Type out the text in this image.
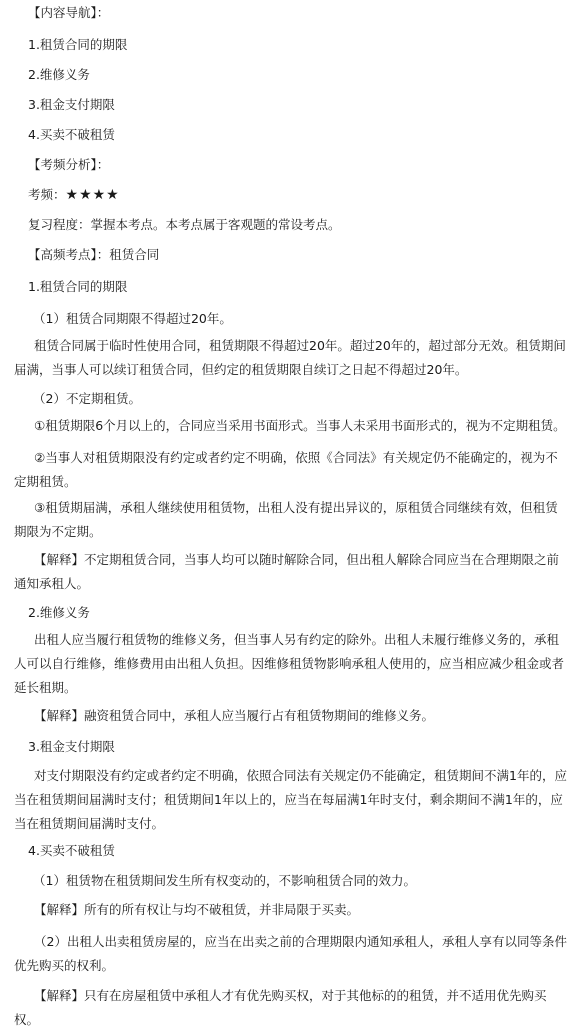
【内容导航】：
1.租赁合同的期限
2.维修义务
3.租金支付期限
4.买卖不破租赁
【考频分析】：
考频：★★★★
复习程度：掌握本考点。本考点属于客观题的常设考点。
【高频考点】：租赁合同
1.租赁合同的期限
（1）租赁合同期限不得超过20年。
租赁合同属于临时性使用合同，租赁期限不得超过20年。超过20年的，超过部分无效。租赁期间届满，当事人可以续订租赁合同，但约定的租赁期限自续订之日起不得超过20年。
（2）不定期租赁。
①租赁期限6个月以上的，合同应当采用书面形式。当事人未采用书面形式的，视为不定期租赁。
②当事人对租赁期限没有约定或者约定不明确，依照《合同法》有关规定仍不能确定的，视为不定期租赁。
③租赁期届满，承租人继续使用租赁物，出租人没有提出异议的，原租赁合同继续有效，但租赁期限为不定期。
【解释】不定期租赁合同，当事人均可以随时解除合同，但出租人解除合同应当在合理期限之前通知承租人。
2.维修义务
出租人应当履行租赁物的维修义务，但当事人另有约定的除外。出租人未履行维修义务的，承租人可以自行维修，维修费用由出租人负担。因维修租赁物影响承租人使用的，应当相应减少租金或者延长租期。
【解释】融资租赁合同中，承租人应当履行占有租赁物期间的维修义务。
3.租金支付期限
对支付期限没有约定或者约定不明确，依照合同法有关规定仍不能确定，租赁期间不满1年的，应当在租赁期间届满时支付；租赁期间1年以上的，应当在每届满1年时支付，剩余期间不满1年的，应当在租赁期间届满时支付。
4.买卖不破租赁
（1）租赁物在租赁期间发生所有权变动的，不影响租赁合同的效力。
【解释】所有的所有权让与均不破租赁，并非局限于买卖。
（2）出租人出卖租赁房屋的，应当在出卖之前的合理期限内通知承租人，承租人享有以同等条件优先购买的权利。
【解释】只有在房屋租赁中承租人才有优先购买权，对于其他标的的租赁，并不适用优先购买权。
